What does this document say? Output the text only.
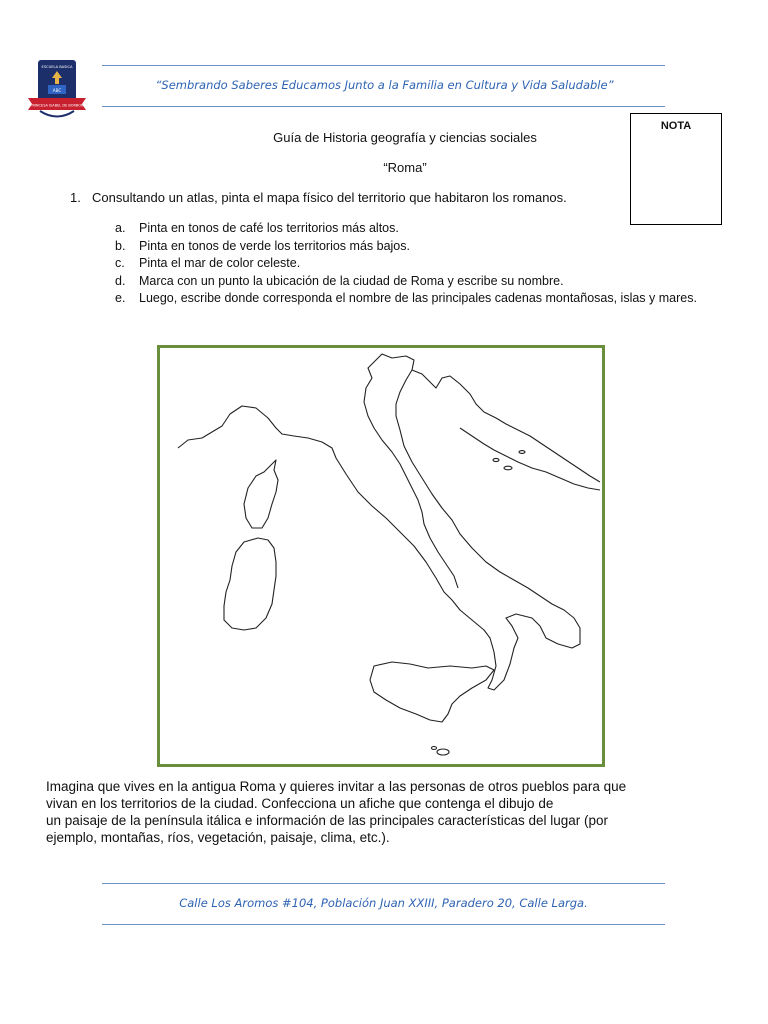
ESCUELA BASICA
ABC
PRINCESA ISABEL DE BORBON
“Sembrando Saberes Educamos Junto a la Familia en Cultura y Vida Saludable”
NOTA
Guía de Historia geografía y ciencias sociales
“Roma”
1. Consultando un atlas, pinta el mapa físico del territorio que habitaron los romanos.
a. Pinta en tonos de café los territorios más altos.
b. Pinta en tonos de verde los territorios más bajos.
c. Pinta el mar de color celeste.
d. Marca con un punto la ubicación de la ciudad de Roma y escribe su nombre.
e. Luego, escribe donde corresponda el nombre de las principales cadenas montañosas, islas y mares.
Imagina que vives en la antigua Roma y quieres invitar a las personas de otros pueblos para que
vivan en los territorios de la ciudad. Confecciona un afiche que contenga el dibujo de
un paisaje de la península itálica e información de las principales características del lugar (por
ejemplo, montañas, ríos, vegetación, paisaje, clima, etc.).
Calle Los Aromos #104, Población Juan XXIII, Paradero 20, Calle Larga.
